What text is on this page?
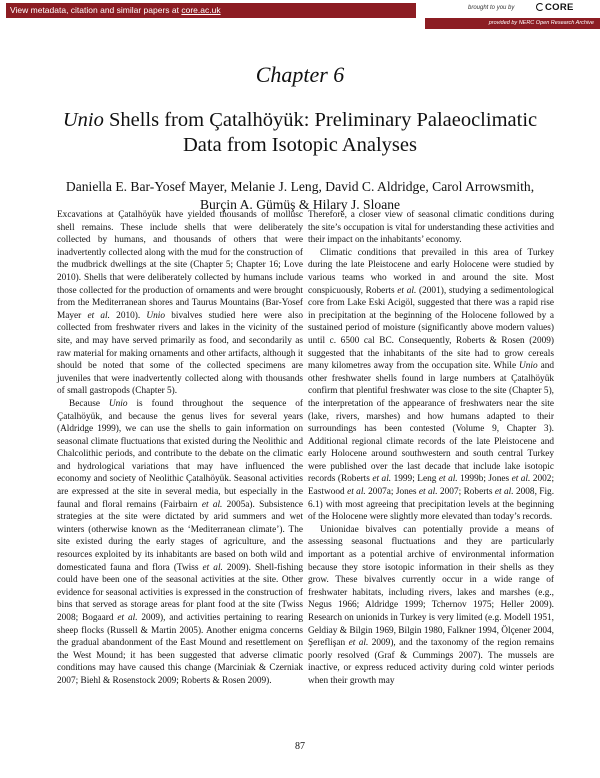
View metadata, citation and similar papers at core.ac.uk	brought to you by	CORE
provided by NERC Open Research Archive
Chapter 6
Unio Shells from Çatalhöyük: Preliminary Palaeoclimatic
Data from Isotopic Analyses
Daniella E. Bar-Yosef Mayer, Melanie J. Leng, David C. Aldridge, Carol Arrowsmith,
Burçin A. Gümüş & Hilary J. Sloane

Excavations at Çatalhöyük have yielded thousands of mollusc shell remains. These include shells that were deliberately collected by humans, and thousands of others that were inadvertently collected along with the mud for the construction of the mudbrick dwellings at the site (Chapter 5; Chapter 16; Love 2010). Shells that were deliberately collected by humans include those collected for the production of ornaments and were brought from the Mediterranean shores and Taurus Mountains (Bar-Yosef Mayer et al. 2010). Unio bivalves studied here were also collected from freshwater rivers and lakes in the vicinity of the site, and may have served primarily as food, and secondarily as raw material for making ornaments and other artifacts, although it should be noted that some of the collected specimens are juveniles that were inadvertently collected along with thousands of small gastropods (Chapter 5).

Because Unio is found throughout the sequence of Çatalhöyük, and because the genus lives for several years (Aldridge 1999), we can use the shells to gain information on seasonal climate fluctuations that existed during the Neolithic and Chalcolithic periods, and contribute to the debate on the climatic and hydrological variations that may have influenced the economy and society of Neolithic Çatalhöyük. Seasonal activities are expressed at the site in several media, but especially in the faunal and floral remains (Fairbairn et al. 2005a). Subsistence strategies at the site were dictated by arid summers and wet winters (otherwise known as the ‘Mediterranean climate’). The site existed during the early stages of agriculture, and the resources exploited by its inhabitants are based on both wild and domesticated fauna and flora (Twiss et al. 2009). Shell-fishing could have been one of the seasonal activities at the site. Other evidence for seasonal activities is expressed in the construction of bins that served as storage areas for plant food at the site (Twiss 2008; Bogaard et al. 2009), and activities pertaining to rearing sheep flocks (Russell & Martin 2005). Another enigma concerns the gradual abandonment of the East Mound and resettlement on the West Mound; it has been suggested that adverse climatic conditions may have caused this change (Marciniak & Czerniak 2007; Biehl & Rosenstock 2009; Roberts & Rosen 2009).

Therefore, a closer view of seasonal climatic conditions during the site’s occupation is vital for understanding these activities and their impact on the inhabitants’ economy.

Climatic conditions that prevailed in this area of Turkey during the late Pleistocene and early Holocene were studied by various teams who worked in and around the site. Most conspicuously, Roberts et al. (2001), studying a sedimentological core from Lake Eski Acigöl, suggested that there was a rapid rise in precipitation at the beginning of the Holocene followed by a sustained period of moisture (significantly above modern values) until c. 6500 cal BC. Consequently, Roberts & Rosen (2009) suggested that the inhabitants of the site had to grow cereals many kilometres away from the occupation site. While Unio and other freshwater shells found in large numbers at Çatalhöyük confirm that plentiful freshwater was close to the site (Chapter 5), the interpretation of the appearance of freshwaters near the site (lake, rivers, marshes) and how humans adapted to their surroundings has been contested (Volume 9, Chapter 3). Additional regional climate records of the late Pleistocene and early Holocene around southwestern and south central Turkey were published over the last decade that include lake isotopic records (Roberts et al. 1999; Leng et al. 1999b; Jones et al. 2002; Eastwood et al. 2007a; Jones et al. 2007; Roberts et al. 2008, Fig. 6.1) with most agreeing that precipitation levels at the beginning of the Holocene were slightly more elevated than today’s records.

Unionidae bivalves can potentially provide a means of assessing seasonal fluctuations and they are particularly important as a potential archive of environmental information because they store isotopic information in their shells as they grow. These bivalves currently occur in a wide range of freshwater habitats, including rivers, lakes and marshes (e.g., Negus 1966; Aldridge 1999; Tchernov 1975; Heller 2009). Research on unionids in Turkey is very limited (e.g. Modell 1951, Geldiay & Bilgin 1969, Bilgin 1980, Falkner 1994, Ölçener 2004, Şereflişan et al. 2009), and the taxonomy of the region remains poorly resolved (Graf & Cummings 2007). The mussels are inactive, or express reduced activity during cold winter periods when their growth may

87
